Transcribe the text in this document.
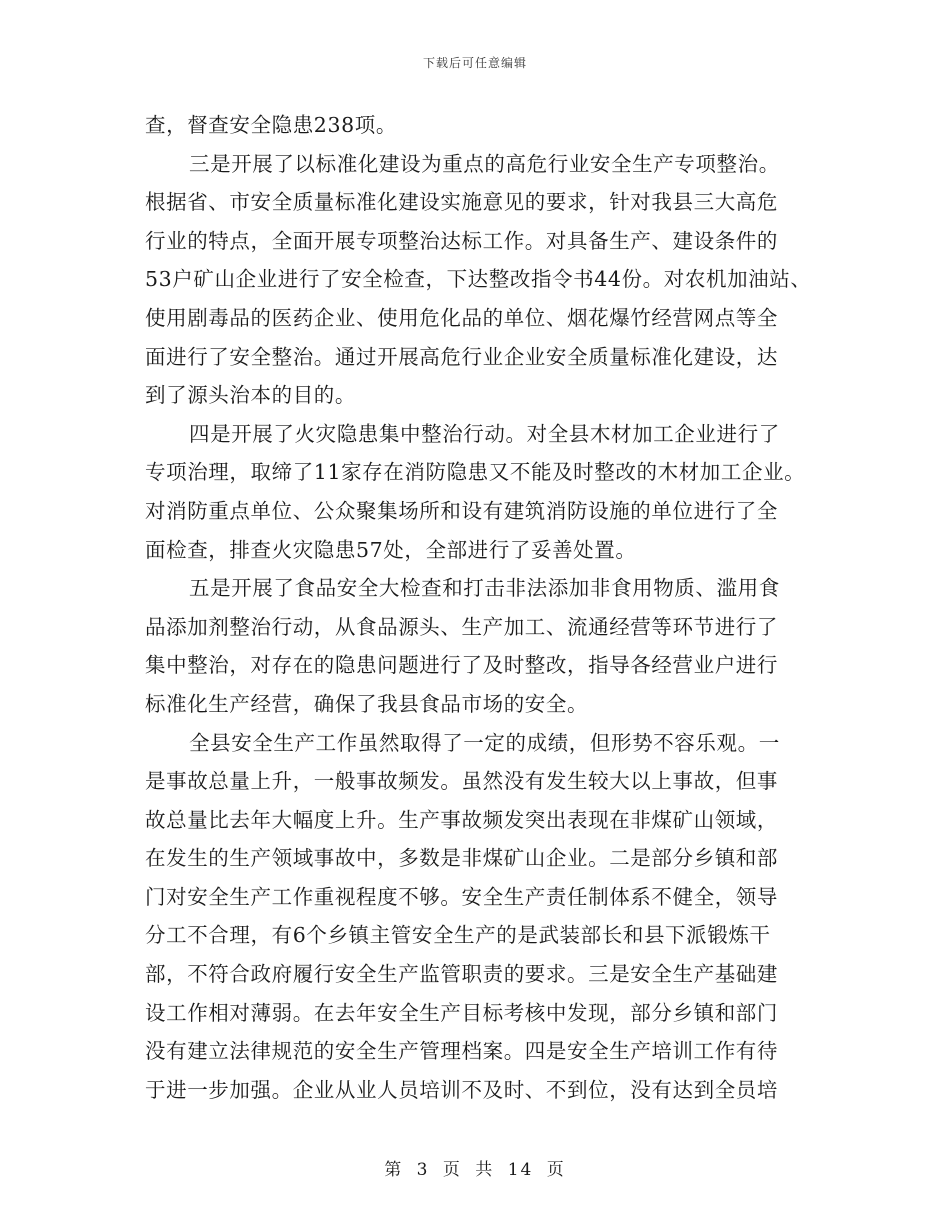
下载后可任意编辑
查，督查安全隐患238项。
三是开展了以标准化建设为重点的高危行业安全生产专项整治。
根据省、市安全质量标准化建设实施意见的要求，针对我县三大高危
行业的特点，全面开展专项整治达标工作。对具备生产、建设条件的
53户矿山企业进行了安全检查，下达整改指令书44份。对农机加油站、
使用剧毒品的医药企业、使用危化品的单位、烟花爆竹经营网点等全
面进行了安全整治。通过开展高危行业企业安全质量标准化建设，达
到了源头治本的目的。
四是开展了火灾隐患集中整治行动。对全县木材加工企业进行了
专项治理，取缔了11家存在消防隐患又不能及时整改的木材加工企业。
对消防重点单位、公众聚集场所和设有建筑消防设施的单位进行了全
面检查，排查火灾隐患57处，全部进行了妥善处置。
五是开展了食品安全大检查和打击非法添加非食用物质、滥用食
品添加剂整治行动，从食品源头、生产加工、流通经营等环节进行了
集中整治，对存在的隐患问题进行了及时整改，指导各经营业户进行
标准化生产经营，确保了我县食品市场的安全。
全县安全生产工作虽然取得了一定的成绩，但形势不容乐观。一
是事故总量上升，一般事故频发。虽然没有发生较大以上事故，但事
故总量比去年大幅度上升。生产事故频发突出表现在非煤矿山领域，
在发生的生产领域事故中，多数是非煤矿山企业。二是部分乡镇和部
门对安全生产工作重视程度不够。安全生产责任制体系不健全，领导
分工不合理，有6个乡镇主管安全生产的是武装部长和县下派锻炼干
部，不符合政府履行安全生产监管职责的要求。三是安全生产基础建
设工作相对薄弱。在去年安全生产目标考核中发现，部分乡镇和部门
没有建立法律规范的安全生产管理档案。四是安全生产培训工作有待
于进一步加强。企业从业人员培训不及时、不到位，没有达到全员培
第 3 页 共 14 页
